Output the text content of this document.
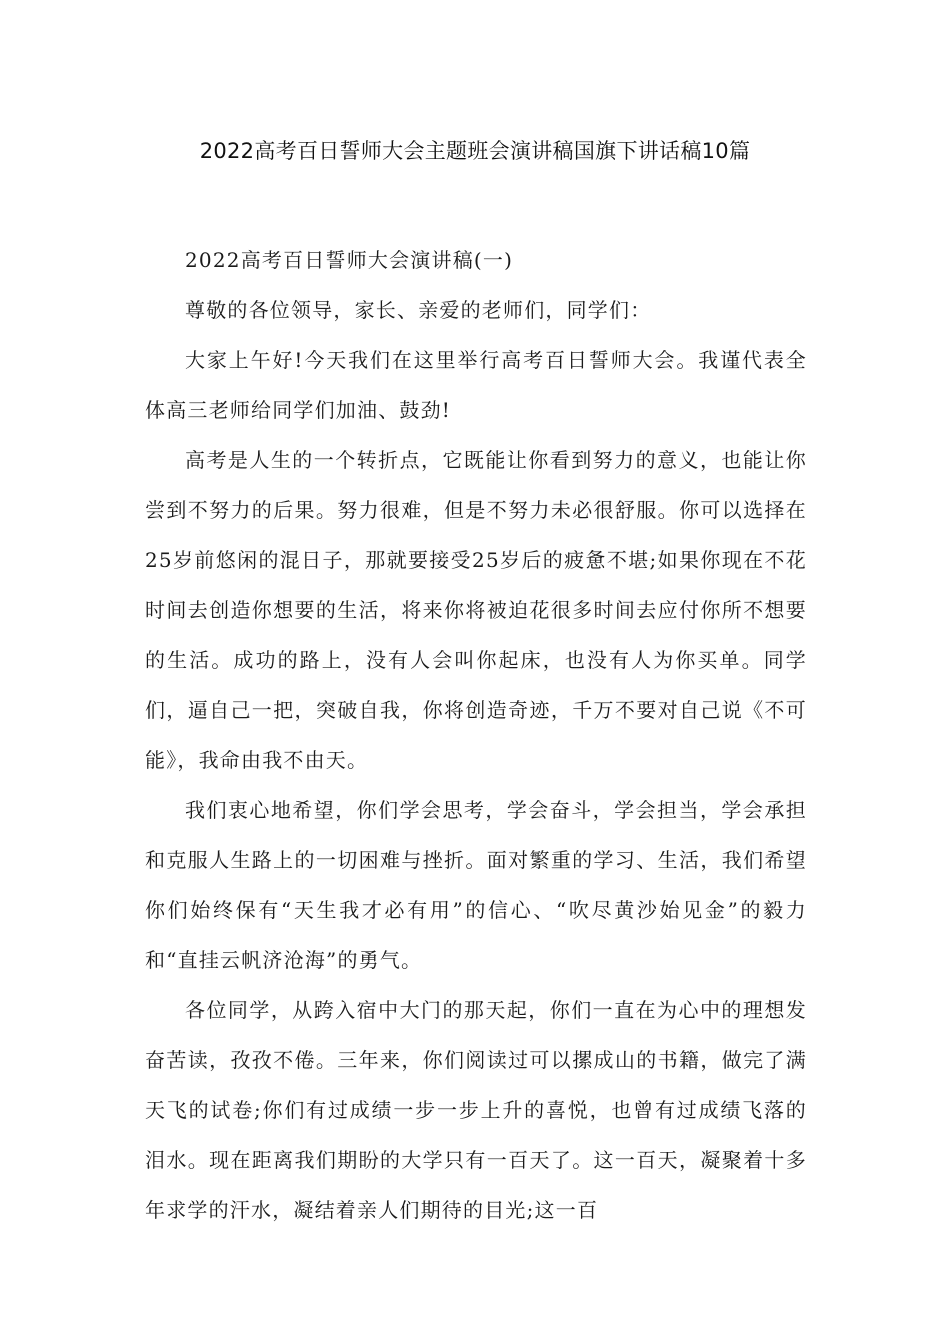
2022高考百日誓师大会主题班会演讲稿国旗下讲话稿10篇

2022高考百日誓师大会演讲稿(一)

尊敬的各位领导，家长、亲爱的老师们，同学们：

大家上午好!今天我们在这里举行高考百日誓师大会。我谨代表全体高三老师给同学们加油、鼓劲!

高考是人生的一个转折点，它既能让你看到努力的意义，也能让你尝到不努力的后果。努力很难，但是不努力未必很舒服。你可以选择在25岁前悠闲的混日子，那就要接受25岁后的疲惫不堪;如果你现在不花时间去创造你想要的生活，将来你将被迫花很多时间去应付你所不想要的生活。成功的路上，没有人会叫你起床，也没有人为你买单。同学们，逼自己一把，突破自我，你将创造奇迹，千万不要对自己说《不可能》，我命由我不由天。

我们衷心地希望，你们学会思考，学会奋斗，学会担当，学会承担和克服人生路上的一切困难与挫折。面对繁重的学习、生活，我们希望你们始终保有“天生我才必有用”的信心、“吹尽黄沙始见金”的毅力和“直挂云帆济沧海”的勇气。

各位同学，从跨入宿中大门的那天起，你们一直在为心中的理想发奋苦读，孜孜不倦。三年来，你们阅读过可以摞成山的书籍，做完了满天飞的试卷;你们有过成绩一步一步上升的喜悦，也曾有过成绩飞落的泪水。现在距离我们期盼的大学只有一百天了。这一百天，凝聚着十多年求学的汗水，凝结着亲人们期待的目光;这一百
